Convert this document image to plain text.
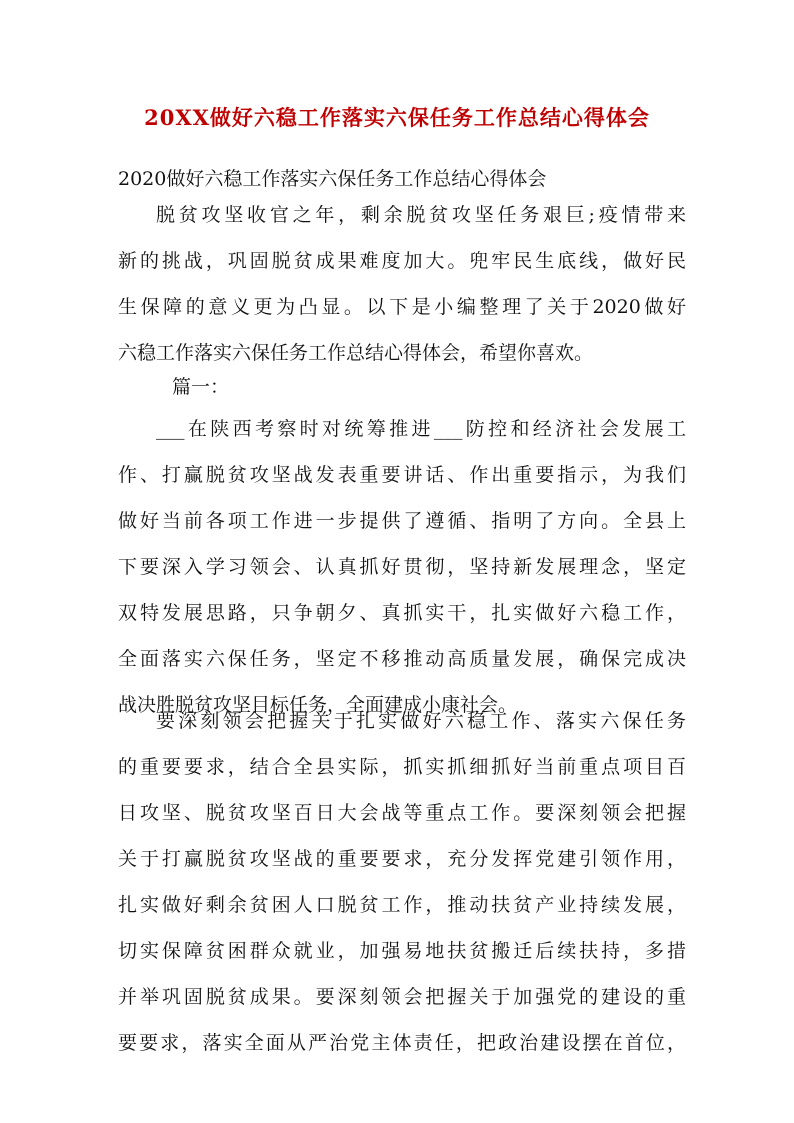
20XX做好六稳工作落实六保任务工作总结心得体会
2020做好六稳工作落实六保任务工作总结心得体会
脱贫攻坚收官之年，剩余脱贫攻坚任务艰巨;疫情带来
新的挑战，巩固脱贫成果难度加大。兜牢民生底线，做好民
生保障的意义更为凸显。以下是小编整理了关于2020做好
六稳工作落实六保任务工作总结心得体会，希望你喜欢。
篇一：
___在陕西考察时对统筹推进___防控和经济社会发展工
作、打赢脱贫攻坚战发表重要讲话、作出重要指示，为我们
做好当前各项工作进一步提供了遵循、指明了方向。全县上
下要深入学习领会、认真抓好贯彻，坚持新发展理念，坚定
双特发展思路，只争朝夕、真抓实干，扎实做好六稳工作，
全面落实六保任务，坚定不移推动高质量发展，确保完成决
战决胜脱贫攻坚目标任务，全面建成小康社会。
要深刻领会把握关于扎实做好六稳工作、落实六保任务
的重要要求，结合全县实际，抓实抓细抓好当前重点项目百
日攻坚、脱贫攻坚百日大会战等重点工作。要深刻领会把握
关于打赢脱贫攻坚战的重要要求，充分发挥党建引领作用，
扎实做好剩余贫困人口脱贫工作，推动扶贫产业持续发展，
切实保障贫困群众就业，加强易地扶贫搬迁后续扶持，多措
并举巩固脱贫成果。要深刻领会把握关于加强党的建设的重
要要求，落实全面从严治党主体责任，把政治建设摆在首位，
